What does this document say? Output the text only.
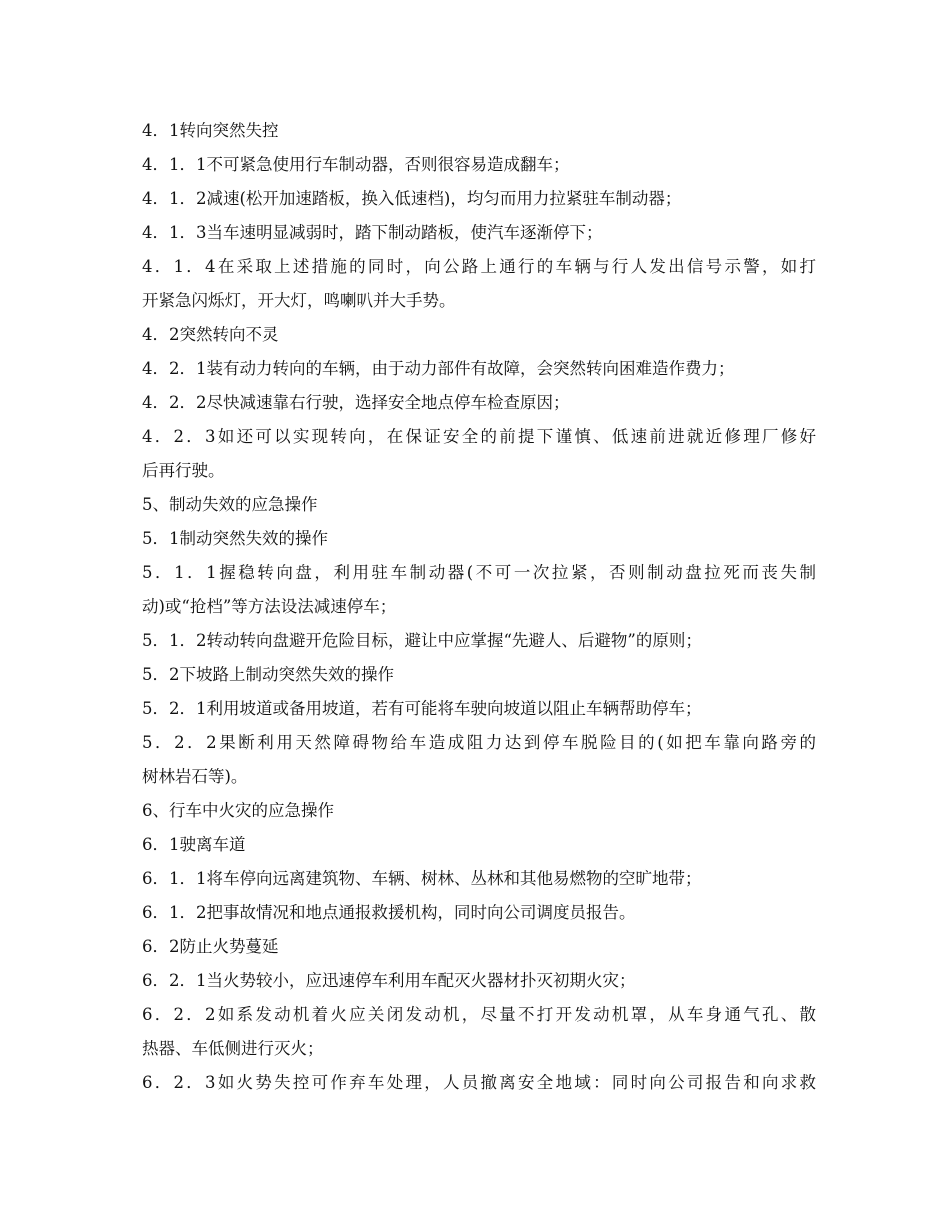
4．1转向突然失控
4．1．1不可紧急使用行车制动器，否则很容易造成翻车；
4．1．2减速(松开加速踏板，换入低速档)，均匀而用力拉紧驻车制动器；
4．1．3当车速明显减弱时，踏下制动踏板，使汽车逐渐停下；
4．1．4在采取上述措施的同时，向公路上通行的车辆与行人发出信号示警，如打
开紧急闪烁灯，开大灯，鸣喇叭并大手势。
4．2突然转向不灵
4．2．1装有动力转向的车辆，由于动力部件有故障，会突然转向困难造作费力；
4．2．2尽快减速靠右行驶，选择安全地点停车检查原因；
4．2．3如还可以实现转向，在保证安全的前提下谨慎、低速前进就近修理厂修好
后再行驶。
5、制动失效的应急操作
5．1制动突然失效的操作
5．1．1握稳转向盘，利用驻车制动器(不可一次拉紧，否则制动盘拉死而丧失制
动)或“抢档”等方法设法减速停车；
5．1．2转动转向盘避开危险目标，避让中应掌握“先避人、后避物”的原则；
5．2下坡路上制动突然失效的操作
5．2．1利用坡道或备用坡道，若有可能将车驶向坡道以阻止车辆帮助停车；
5．2．2果断利用天然障碍物给车造成阻力达到停车脱险目的(如把车靠向路旁的
树林岩石等)。
6、行车中火灾的应急操作
6．1驶离车道
6．1．1将车停向远离建筑物、车辆、树林、丛林和其他易燃物的空旷地带；
6．1．2把事故情况和地点通报救援机构，同时向公司调度员报告。
6．2防止火势蔓延
6．2．1当火势较小，应迅速停车利用车配灭火器材扑灭初期火灾；
6．2．2如系发动机着火应关闭发动机，尽量不打开发动机罩，从车身通气孔、散
热器、车低侧进行灭火；
6．2．3如火势失控可作弃车处理，人员撤离安全地域：同时向公司报告和向求救
